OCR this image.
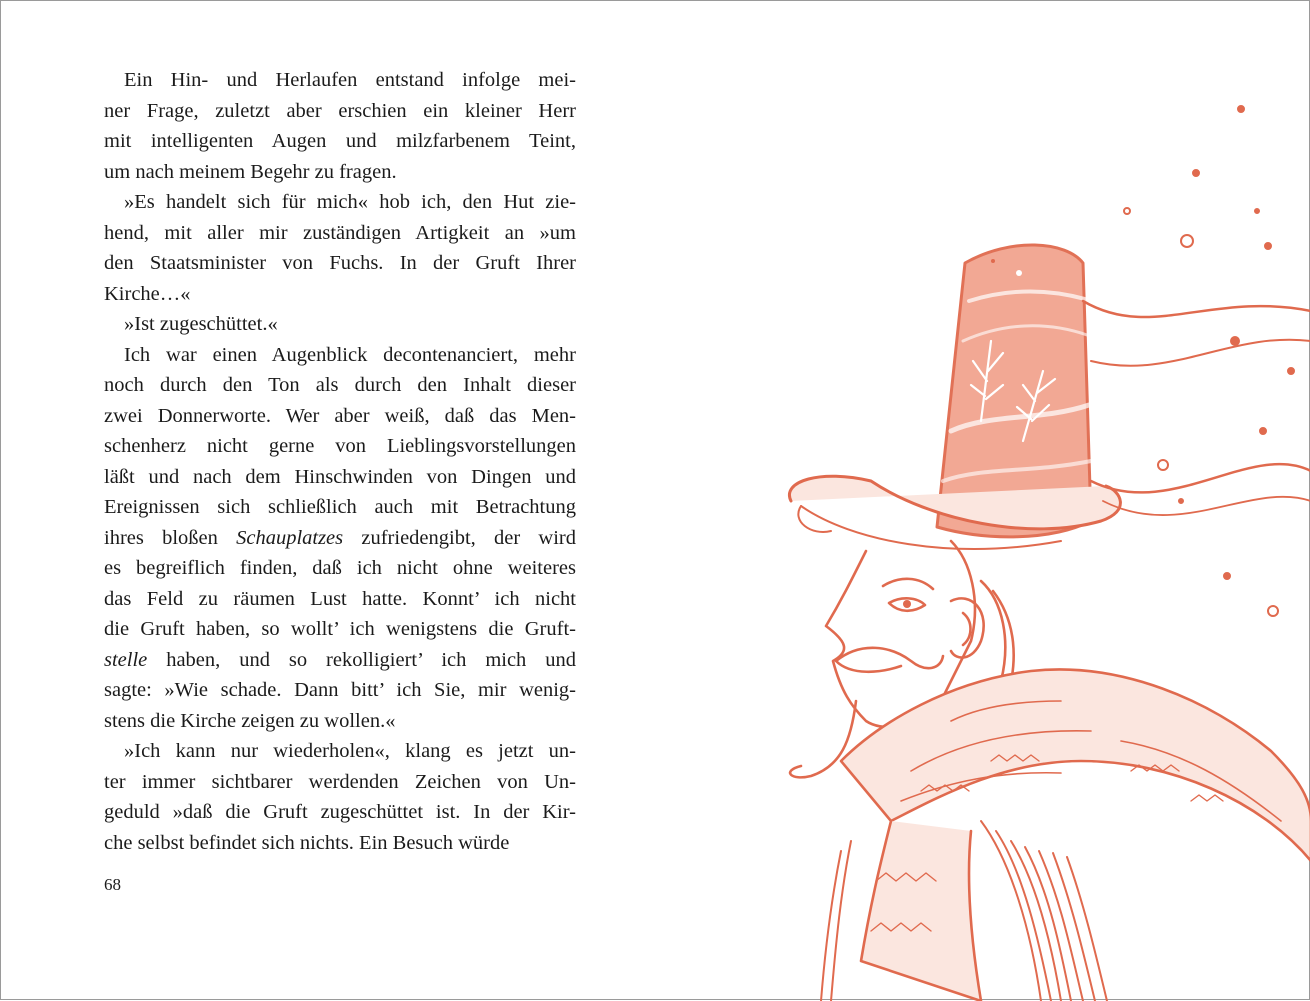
Ein Hin- und Herlaufen entstand infolge mei-
ner Frage, zuletzt aber erschien ein kleiner Herr
mit intelligenten Augen und milzfarbenem Teint,
um nach meinem Begehr zu fragen.

»Es handelt sich für mich« hob ich, den Hut zie-
hend, mit aller mir zuständigen Artigkeit an »um
den Staatsminister von Fuchs. In der Gruft Ihrer
Kirche…«

»Ist zugeschüttet.«

Ich war einen Augenblick decontenanciert, mehr
noch durch den Ton als durch den Inhalt dieser
zwei Donnerworte. Wer aber weiß, daß das Men-
schenherz nicht gerne von Lieblingsvorstellungen
läßt und nach dem Hinschwinden von Dingen und
Ereignissen sich schließlich auch mit Betrachtung
ihres bloßen Schauplatzes zufriedengibt, der wird
es begreiflich finden, daß ich nicht ohne weiteres
das Feld zu räumen Lust hatte. Konnt’ ich nicht
die Gruft haben, so wollt’ ich wenigstens die Gruft-
stelle haben, und so rekolligiert’ ich mich und
sagte: »Wie schade. Dann bitt’ ich Sie, mir wenig-
stens die Kirche zeigen zu wollen.«

»Ich kann nur wiederholen«, klang es jetzt un-
ter immer sichtbarer werdenden Zeichen von Un-
geduld »daß die Gruft zugeschüttet ist. In der Kir-
che selbst befindet sich nichts. Ein Besuch würde

68
